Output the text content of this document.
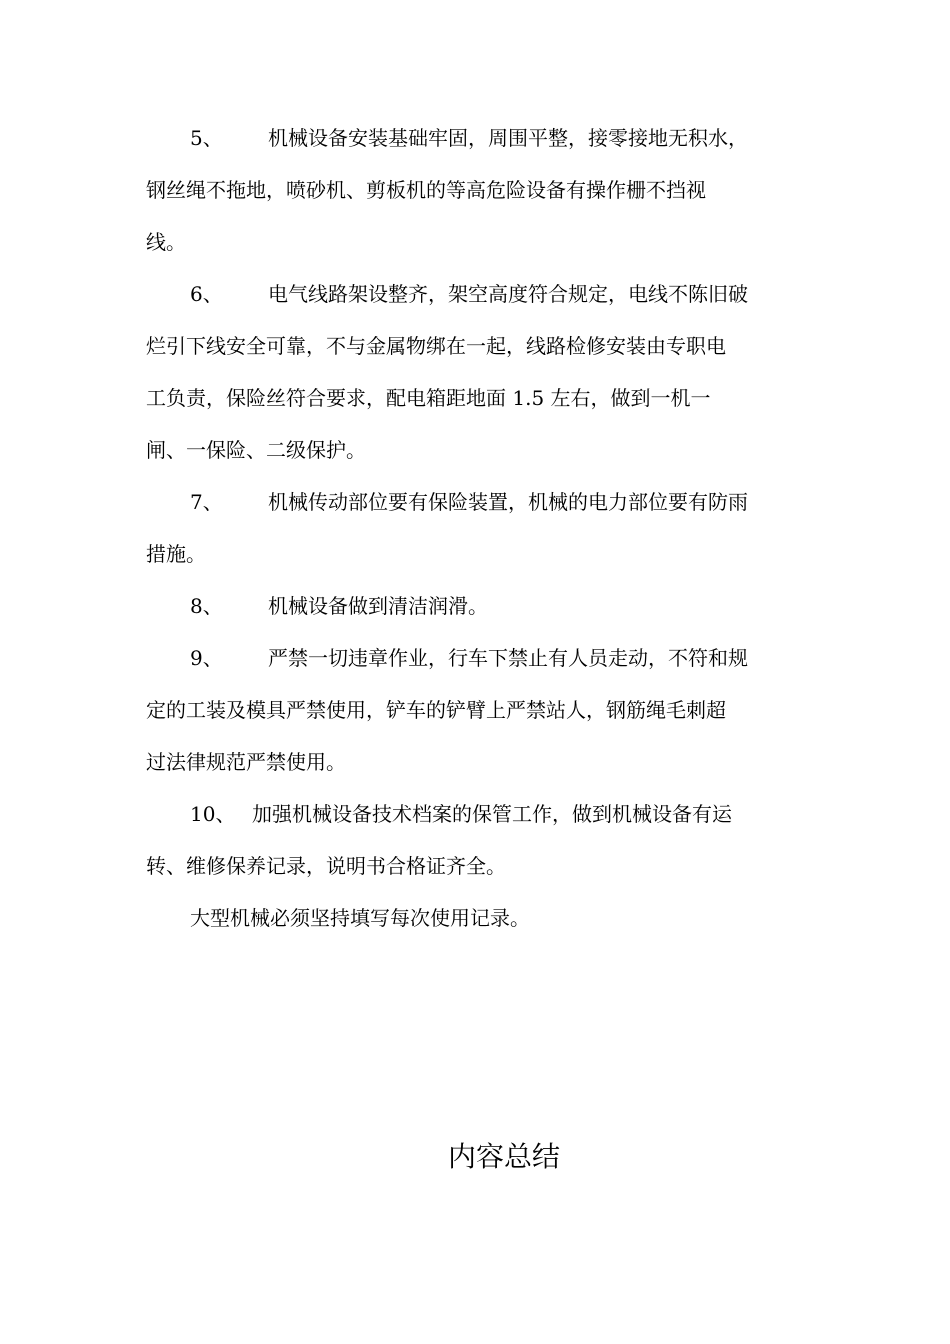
5、 机械设备安装基础牢固，周围平整，接零接地无积水，
钢丝绳不拖地，喷砂机、剪板机的等高危险设备有操作栅不挡视
线。
6、 电气线路架设整齐，架空高度符合规定，电线不陈旧破
烂引下线安全可靠，不与金属物绑在一起，线路检修安装由专职电
工负责，保险丝符合要求，配电箱距地面 1.5 左右，做到一机一
闸、一保险、二级保护。
7、 机械传动部位要有保险装置，机械的电力部位要有防雨
措施。
8、 机械设备做到清洁润滑。
9、 严禁一切违章作业，行车下禁止有人员走动，不符和规
定的工装及模具严禁使用，铲车的铲臂上严禁站人，钢筋绳毛刺超
过法律规范严禁使用。
10、 加强机械设备技术档案的保管工作，做到机械设备有运
转、维修保养记录，说明书合格证齐全。
大型机械必须坚持填写每次使用记录。
内容总结
